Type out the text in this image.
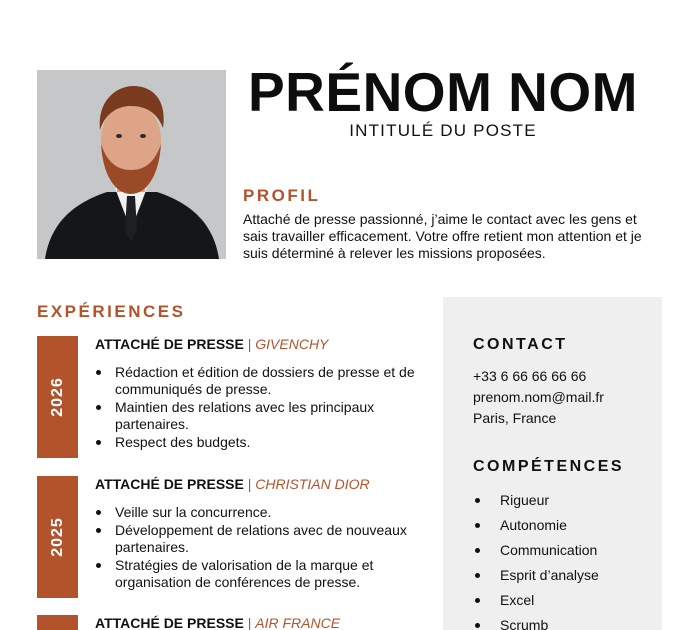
PRÉNOM NOM
INTITULÉ DU POSTE
PROFIL
Attaché de presse passionné, j’aime le contact avec les gens et sais travailler efficacement. Votre offre retient mon attention et je suis déterminé à relever les missions proposées.
EXPÉRIENCES
2026
ATTACHÉ DE PRESSE | GIVENCHY
Rédaction et édition de dossiers de presse et de communiqués de presse.
Maintien des relations avec les principaux partenaires.
Respect des budgets.
2025
ATTACHÉ DE PRESSE | CHRISTIAN DIOR
Veille sur la concurrence.
Développement de relations avec de nouveaux partenaires.
Stratégies de valorisation de la marque et organisation de conférences de presse.
ATTACHÉ DE PRESSE | AIR FRANCE
CONTACT
+33 6 66 66 66 66
prenom.nom@mail.fr
Paris, France
COMPÉTENCES
Rigueur
Autonomie
Communication
Esprit d’analyse
Excel
Scrumb
